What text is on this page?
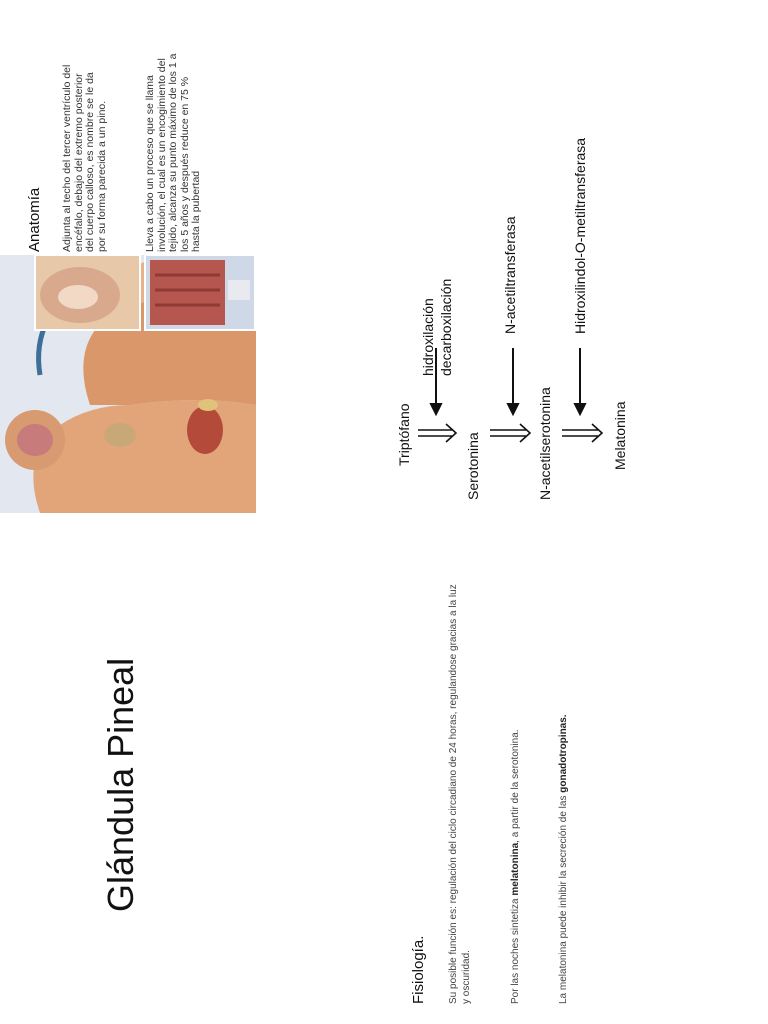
Glándula Pineal
Fisiología. Su posible función es: regulación del ciclo circadiano de 24 horas, regulandose gracias a la luz y oscuridad.	Por las noches sintetiza melatonina, a partir de la serotonina.
La melatonina puede inhibir la secreción de las gonadotropinas.
Anatomía Adjunta al techo del tercer ventrículo del encéfalo, debajo del extremo posterior del cuerpo calloso, es nombre se le da por su forma parecida a un pino.	Lleva a cabo un proceso que se llama involución, el cual es un encogimiento del tejido, alcanza su punto máximo de los 1 a los 5 años y después reduce en 75 % hasta la pubertad
Triptófano
hidroxilación decarboxilación
Serotonina
N-acetiltransferasa
N-acetilserotonina
Hidroxilindol-O-metiltransferasa
Melatonina
